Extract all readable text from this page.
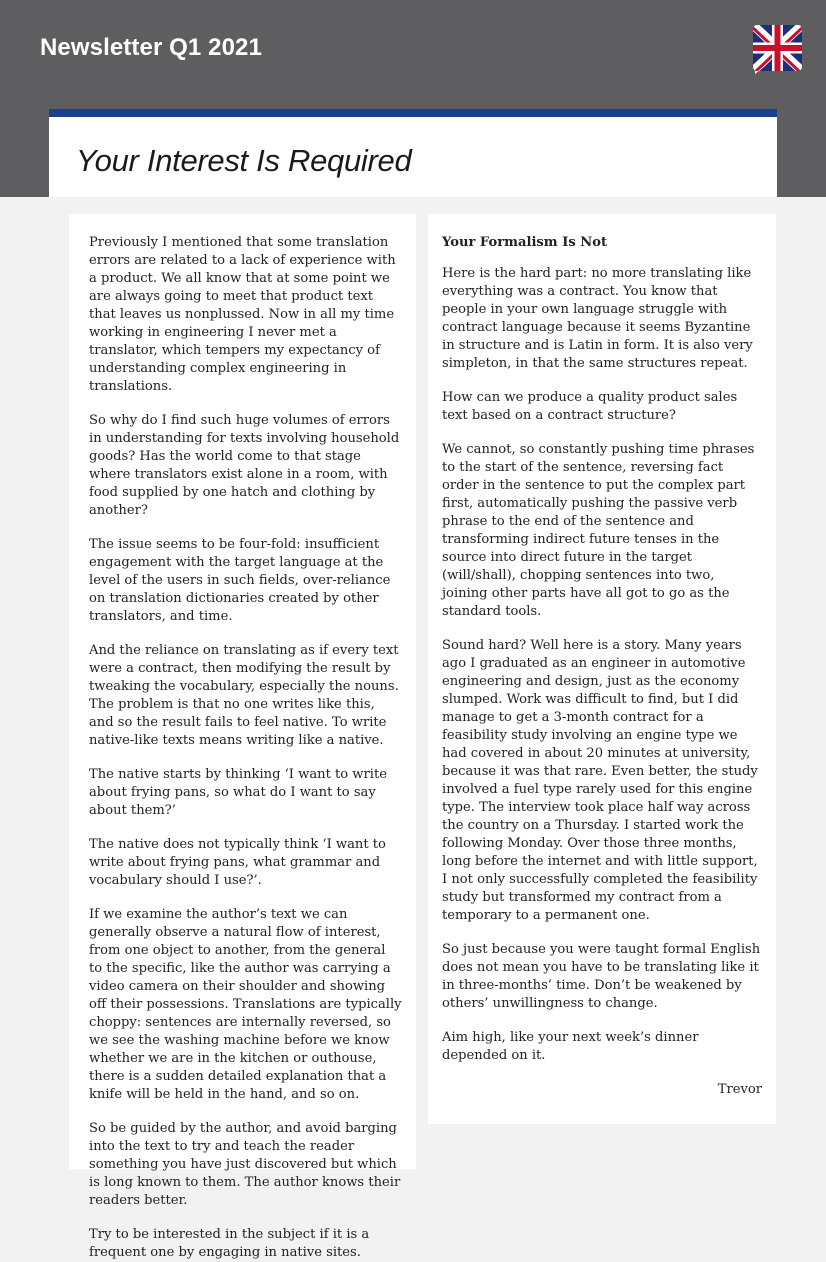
Newsletter Q1 2021
Your Interest Is Required

Previously I mentioned that some translation errors are related to a lack of experience with a product. We all know that at some point we are always going to meet that product text that leaves us nonplussed. Now in all my time working in engineering I never met a translator, which tempers my expectancy of understanding complex engineering in translations.

So why do I find such huge volumes of errors in understanding for texts involving household goods? Has the world come to that stage where translators exist alone in a room, with food supplied by one hatch and clothing by another?

The issue seems to be four-fold: insufficient engagement with the target language at the level of the users in such fields, over-reliance on translation dictionaries created by other translators, and time.

And the reliance on translating as if every text were a contract, then modifying the result by tweaking the vocabulary, especially the nouns. The problem is that no one writes like this, and so the result fails to feel native. To write native-like texts means writing like a native.

The native starts by thinking ‘I want to write about frying pans, so what do I want to say about them?’

The native does not typically think ‘I want to write about frying pans, what grammar and vocabulary should I use?’.

If we examine the author’s text we can generally observe a natural flow of interest, from one object to another, from the general to the specific, like the author was carrying a video camera on their shoulder and showing off their possessions. Translations are typically choppy: sentences are internally reversed, so we see the washing machine before we know whether we are in the kitchen or outhouse, there is a sudden detailed explanation that a knife will be held in the hand, and so on.

So be guided by the author, and avoid barging into the text to try and teach the reader something you have just discovered but which is long known to them. The author knows their readers better.

Try to be interested in the subject if it is a frequent one by engaging in native sites.

Your Formalism Is Not

Here is the hard part: no more translating like everything was a contract. You know that people in your own language struggle with contract language because it seems Byzantine in structure and is Latin in form. It is also very simpleton, in that the same structures repeat.

How can we produce a quality product sales text based on a contract structure?

We cannot, so constantly pushing time phrases to the start of the sentence, reversing fact order in the sentence to put the complex part first, automatically pushing the passive verb phrase to the end of the sentence and transforming indirect future tenses in the source into direct future in the target (will/shall), chopping sentences into two, joining other parts have all got to go as the standard tools.

Sound hard? Well here is a story. Many years ago I graduated as an engineer in automotive engineering and design, just as the economy slumped. Work was difficult to find, but I did manage to get a 3-month contract for a feasibility study involving an engine type we had covered in about 20 minutes at university, because it was that rare. Even better, the study involved a fuel type rarely used for this engine type. The interview took place half way across the country on a Thursday. I started work the following Monday. Over those three months, long before the internet and with little support, I not only successfully completed the feasibility study but transformed my contract from a temporary to a permanent one.

So just because you were taught formal English does not mean you have to be translating like it in three-months’ time. Don’t be weakened by others’ unwillingness to change.

Aim high, like your next week’s dinner depended on it.

Trevor
